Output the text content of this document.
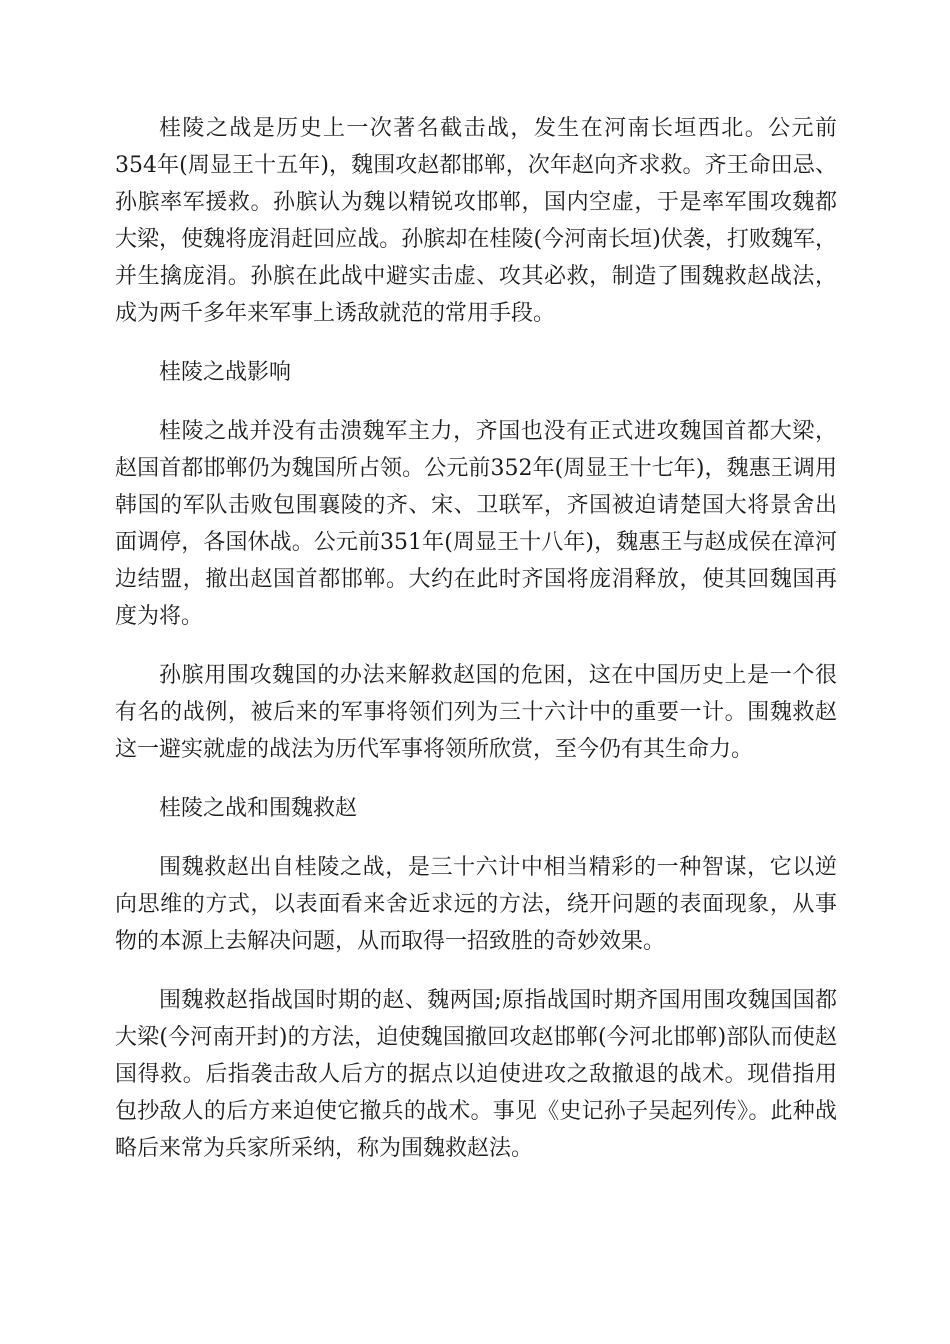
桂陵之战是历史上一次著名截击战，发生在河南长垣西北。公元前354年(周显王十五年)，魏围攻赵都邯郸，次年赵向齐求救。齐王命田忌、孙膑率军援救。孙膑认为魏以精锐攻邯郸，国内空虚，于是率军围攻魏都大梁，使魏将庞涓赶回应战。孙膑却在桂陵(今河南长垣)伏袭，打败魏军，并生擒庞涓。孙膑在此战中避实击虚、攻其必救，制造了围魏救赵战法，成为两千多年来军事上诱敌就范的常用手段。

桂陵之战影响

桂陵之战并没有击溃魏军主力，齐国也没有正式进攻魏国首都大梁，赵国首都邯郸仍为魏国所占领。公元前352年(周显王十七年)，魏惠王调用韩国的军队击败包围襄陵的齐、宋、卫联军，齐国被迫请楚国大将景舍出面调停，各国休战。公元前351年(周显王十八年)，魏惠王与赵成侯在漳河边结盟，撤出赵国首都邯郸。大约在此时齐国将庞涓释放，使其回魏国再度为将。

孙膑用围攻魏国的办法来解救赵国的危困，这在中国历史上是一个很有名的战例，被后来的军事将领们列为三十六计中的重要一计。围魏救赵这一避实就虚的战法为历代军事将领所欣赏，至今仍有其生命力。

桂陵之战和围魏救赵

围魏救赵出自桂陵之战，是三十六计中相当精彩的一种智谋，它以逆向思维的方式，以表面看来舍近求远的方法，绕开问题的表面现象，从事物的本源上去解决问题，从而取得一招致胜的奇妙效果。

围魏救赵指战国时期的赵、魏两国;原指战国时期齐国用围攻魏国国都大梁(今河南开封)的方法，迫使魏国撤回攻赵邯郸(今河北邯郸)部队而使赵国得救。后指袭击敌人后方的据点以迫使进攻之敌撤退的战术。现借指用包抄敌人的后方来迫使它撤兵的战术。事见《史记孙子吴起列传》。此种战略后来常为兵家所采纳，称为围魏救赵法。
